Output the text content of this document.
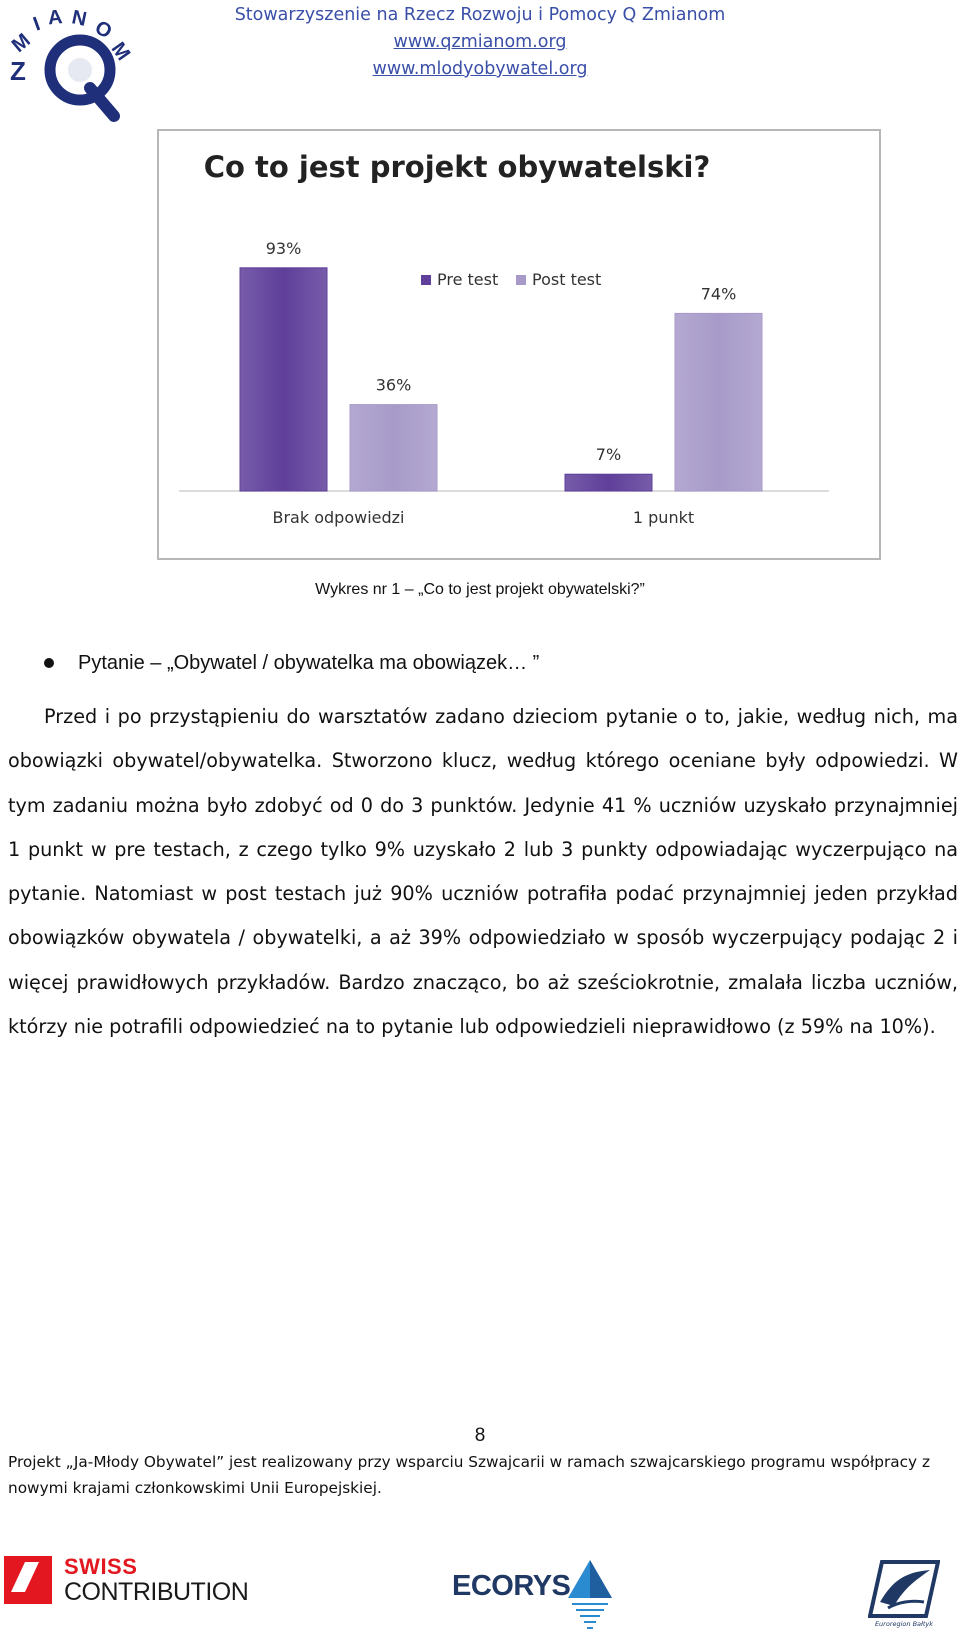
M
I A N O
M
Z
Stowarzyszenie na Rzecz Rozwoju i Pomocy Q Zmianom
www.qzmianom.org
www.mlodyobywatel.org
Co to jest projekt obywatelski?
Pre test Post test
93%
36%
Brak odpowiedzi
7%
74%
1 punkt
Wykres nr 1 – „Co to jest projekt obywatelski?”
Pytanie – „Obywatel / obywatelka ma obowiązek… ”
Przed i po przystąpieniu do warsztatów zadano dzieciom pytanie o to, jakie, według nich, ma obowiązki obywatel/obywatelka. Stworzono klucz, według którego oceniane były odpowiedzi. W tym zadaniu można było zdobyć od 0 do 3 punktów. Jedynie 41 % uczniów uzyskało przynajmniej 1 punkt w pre testach, z czego tylko 9% uzyskało 2 lub 3 punkty odpowiadając wyczerpująco na pytanie. Natomiast w post testach już 90% uczniów potrafiła podać przynajmniej jeden przykład obowiązków obywatela / obywatelki, a aż 39% odpowiedziało w sposób wyczerpujący podając 2 i więcej prawidłowych przykładów. Bardzo znacząco, bo aż sześciokrotnie, zmalała liczba uczniów, którzy nie potrafili odpowiedzieć na to pytanie lub odpowiedzieli nieprawidłowo (z 59% na 10%).
8
Projekt „Ja-Młody Obywatel” jest realizowany przy wsparciu Szwajcarii w ramach szwajcarskiego programu współpracy z nowymi krajami członkowskimi Unii Europejskiej.
SWISS
CONTRIBUTION	ECORYS
Euroregion Bałtyk
